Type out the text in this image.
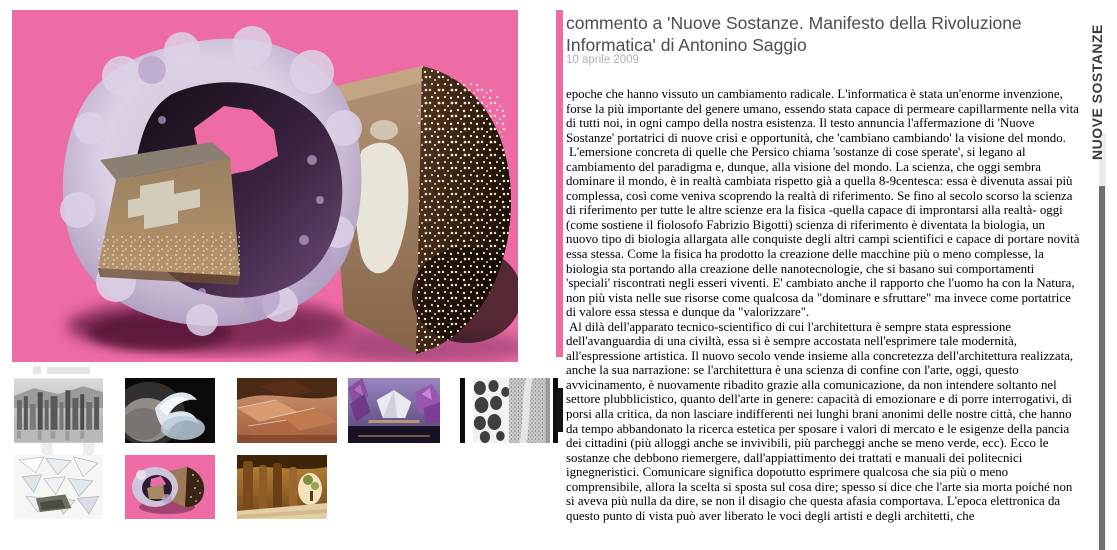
commento a 'Nuove Sostanze. Manifesto della Rivoluzione Informatica' di Antonino Saggio
10 aprile 2009

epoche che hanno vissuto un cambiamento radicale. L'informatica è stata un'enorme invenzione, forse la più importante del genere umano, essendo stata capace di permeare capillarmente nella vita di tutti noi, in ogni campo della nostra esistenza. Il testo annuncia l'affermazione di 'Nuove Sostanze' portatrici di nuove crisi e opportunità, che 'cambiano cambiando' la visione del mondo.

L'emersione concreta di quelle che Persico chiama 'sostanze di cose sperate', si legano al cambiamento del paradigma e, dunque, alla visione del mondo. La scienza, che oggi sembra dominare il mondo, è in realtà cambiata rispetto già a quella 8-9centesca: essa è divenuta assai più complessa, così come veniva scoprendo la realtà di riferimento. Se fino al secolo scorso la scienza di riferimento per tutte le altre scienze era la fisica -quella capace di improntarsi alla realtà- oggi (come sostiene il fiolosofo Fabrizio Bigotti) scienza di riferimento è diventata la biologia, un nuovo tipo di biologia allargata alle conquiste degli altri campi scientifici e capace di portare novità essa stessa. Come la fisica ha prodotto la creazione delle macchine più o meno complesse, la biologia sta portando alla creazione delle nanotecnologie, che si basano sui comportamenti 'speciali' riscontrati negli esseri viventi. E' cambiato anche il rapporto che l'uomo ha con la Natura, non più vista nelle sue risorse come qualcosa da "dominare e sfruttare" ma invece come portatrice di valore essa stessa e dunque da "valorizzare".

Al dilà dell'apparato tecnico-scientifico di cui l'architettura è sempre stata espressione dell'avanguardia di una civiltà, essa si è sempre accostata nell'esprimere tale modernità, all'espressione artistica. Il nuovo secolo vende insieme alla concretezza dell'architettura realizzata, anche la sua narrazione: se l'architettura è una scienza di confine con l'arte, oggi, questo avvicinamento, è nuovamente ribadito grazie alla comunicazione, da non intendere soltanto nel settore plubblicistico, quanto dell'arte in genere: capacità di emozionare e di porre interrogativi, di porsi alla critica, da non lasciare indifferenti nei lunghi brani anonimi delle nostre città, che hanno da tempo abbandonato la ricerca estetica per sposare i valori di mercato e le esigenze della pancia dei cittadini (più alloggi anche se invivibili, più parcheggi anche se meno verde, ecc). Ecco le sostanze che debbono riemergere, dall'appiattimento dei trattati e manuali dei politecnici ignegneristici. Comunicare significa dopotutto esprimere qualcosa che sia più o meno comprensibile, allora la scelta si sposta sul cosa dire; spesso si dice che l'arte sia morta poiché non si aveva più nulla da dire, se non il disagio che questa afasia comportava. L'epoca elettronica da questo punto di vista può aver liberato le voci degli artisti e degli architetti, che

NUOVE SOSTANZE
